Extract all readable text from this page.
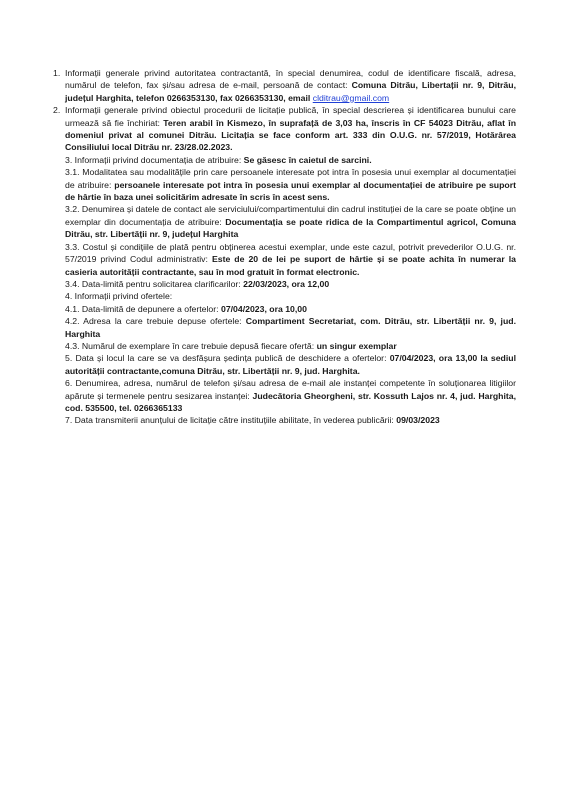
1. Informații generale privind autoritatea contractantă, în special denumirea, codul de identificare fiscală, adresa, numărul de telefon, fax și/sau adresa de e-mail, persoană de contact: Comuna Ditrău, Libertații nr. 9, Ditrău, județul Harghita, telefon 0266353130, fax 0266353130, email clditrau@gmail.com

2. Informații generale privind obiectul procedurii de licitație publică, în special descrierea și identificarea bunului care urmează să fie închiriat: Teren arabil în Kismezo, în suprafață de 3,03 ha, înscris în CF 54023 Ditrău, aflat în domeniul privat al comunei Ditrău. Licitația se face conform art. 333 din O.U.G. nr. 57/2019, Hotărârea Consiliului local Ditrău nr. 23/28.02.2023.

3. Informații privind documentația de atribuire: Se găsesc în caietul de sarcini.

3.1. Modalitatea sau modalitățile prin care persoanele interesate pot intra în posesia unui exemplar al documentației de atribuire: persoanele interesate pot intra în posesia unui exemplar al documentației de atribuire pe suport de hârtie în baza unei solicitărim adresate în scris în acest sens.

3.2. Denumirea și datele de contact ale serviciului/compartimentului din cadrul instituției de la care se poate obține un exemplar din documentația de atribuire: Documentația se poate ridica de la Compartimentul agricol, Comuna Ditrău, str. Libertății nr. 9, județul Harghita

3.3. Costul și condițiile de plată pentru obținerea acestui exemplar, unde este cazul, potrivit prevederilor O.U.G. nr. 57/2019 privind Codul administrativ: Este de 20 de lei pe suport de hârtie și se poate achita în numerar la casieria autorității contractante, sau în mod gratuit în format electronic.

3.4. Data-limită pentru solicitarea clarificarilor: 22/03/2023, ora 12,00

4. Informații privind ofertele:

4.1. Data-limită de depunere a ofertelor: 07/04/2023, ora 10,00

4.2. Adresa la care trebuie depuse ofertele: Compartiment Secretariat, com. Ditrău, str. Libertății nr. 9, jud. Harghita

4.3. Numărul de exemplare în care trebuie depusă fiecare ofertă: un singur exemplar

5. Data și locul la care se va desfășura ședința publică de deschidere a ofertelor: 07/04/2023, ora 13,00 la sediul autorității contractante,comuna Ditrău, str. Libertății nr. 9, jud. Harghita.

6. Denumirea, adresa, numărul de telefon și/sau adresa de e-mail ale instanței competente în soluționarea litigiilor apărute și termenele pentru sesizarea instanței: Judecătoria Gheorgheni, str. Kossuth Lajos nr. 4, jud. Harghita, cod. 535500, tel. 0266365133

7. Data transmiterii anunțului de licitație către instituțiile abilitate, în vederea publicării: 09/03/2023
